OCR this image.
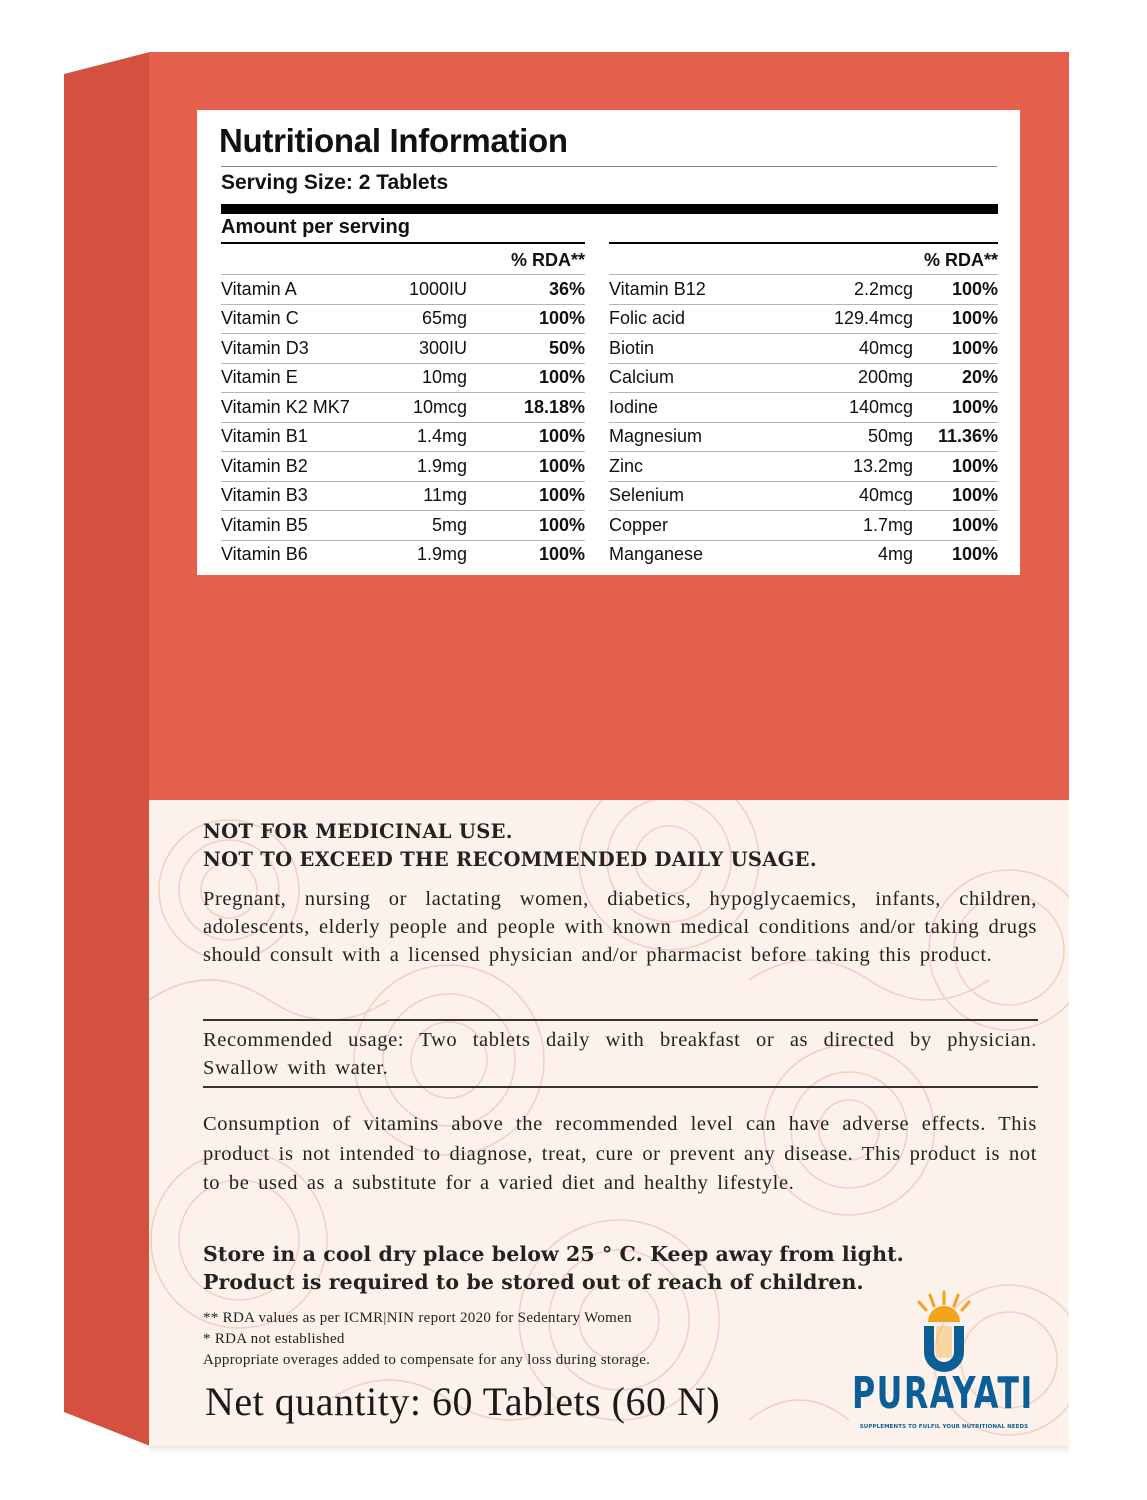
Nutritional Information
Serving Size: 2 Tablets
Amount per serving
		% RDA**
Vitamin A	1000IU	36%
Vitamin C	65mg	100%
Vitamin D3	300IU	50%
Vitamin E	10mg	100%
Vitamin K2 MK7	10mcg	18.18%
Vitamin B1	1.4mg	100%
Vitamin B2	1.9mg	100%
Vitamin B3	11mg	100%
Vitamin B5	5mg	100%
Vitamin B6	1.9mg	100%
		% RDA**
Vitamin B12	2.2mcg	100%
Folic acid	129.4mcg	100%
Biotin	40mcg	100%
Calcium	200mg	20%
Iodine	140mcg	100%
Magnesium	50mg	11.36%
Zinc	13.2mg	100%
Selenium	40mcg	100%
Copper	1.7mg	100%
Manganese	4mg	100%
NOT FOR MEDICINAL USE.
NOT TO EXCEED THE RECOMMENDED DAILY USAGE.
Pregnant, nursing or lactating women, diabetics, hypoglycaemics, infants, children, adolescents, elderly people and people with known medical conditions and/or taking drugs should consult with a licensed physician and/or pharmacist before taking this product.
Recommended usage: Two tablets daily with breakfast or as directed by physician. Swallow with water.
Consumption of vitamins above the recommended level can have adverse effects. This product is not intended to diagnose, treat, cure or prevent any disease. This product is not to be used as a substitute for a varied diet and healthy lifestyle.
Store in a cool dry place below 25 ° C. Keep away from light.
Product is required to be stored out of reach of children.
** RDA values as per ICMR|NIN report 2020 for Sedentary Women
* RDA not established
Appropriate overages added to compensate for any loss during storage.
Net quantity: 60 Tablets (60 N)	PURAYATI
SUPPLEMENTS TO FULFIL YOUR NUTRITIONAL NEEDS
